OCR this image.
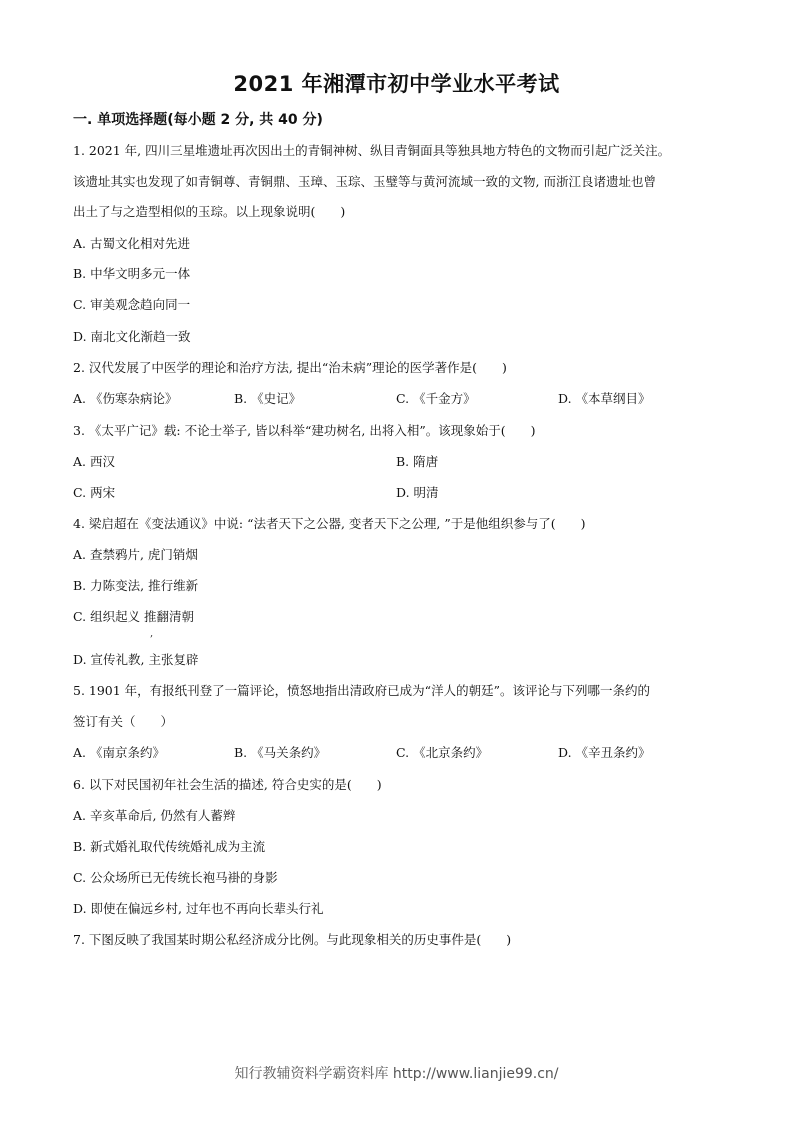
2021 年湘潭市初中学业水平考试
一. 单项选择题(每小题 2 分, 共 40 分)
1. 2021 年, 四川三星堆遗址再次因出土的青铜神树、纵目青铜面具等独具地方特色的文物而引起广泛关注。
该遗址其实也发现了如青铜尊、青铜鼎、玉璋、玉琮、玉璧等与黄河流域一致的文物, 而浙江良诸遗址也曾
出土了与之造型相似的玉琮。以上现象说明(　　)
A. 古蜀文化相对先进
B. 中华文明多元一体
C. 审美观念趋向同一
D. 南北文化渐趋一致
2. 汉代发展了中医学的理论和治疗方法, 提出“治未病”理论的医学著作是(　　)
A. 《伤寒杂病论》	B. 《史记》	C. 《千金方》	D. 《本草纲目》
3. 《太平广记》载: 不论士举子, 皆以科举“建功树名, 出将入相”。该现象始于(　　)
A. 西汉	B. 隋唐
C. 两宋	D. 明清
4. 梁启超在《变法通议》中说: “法者天下之公器, 变者天下之公理, ”于是他组织参与了(　　)
A. 查禁鸦片, 虎门销烟
B. 力陈变法, 推行维新
C. 组织起义 推翻清朝
,
D. 宣传礼教, 主张复辟
5. 1901 年，有报纸刊登了一篇评论，愤怒地指出清政府已成为“洋人的朝廷”。该评论与下列哪一条约的
签订有关（　　）
A. 《南京条约》	B. 《马关条约》	C. 《北京条约》	D. 《辛丑条约》
6. 以下对民国初年社会生活的描述, 符合史实的是(　　)
A. 辛亥革命后, 仍然有人蓄辫
B. 新式婚礼取代传统婚礼成为主流
C. 公众场所已无传统长袍马褂的身影
D. 即使在偏远乡村, 过年也不再向长辈头行礼
7. 下图反映了我国某时期公私经济成分比例。与此现象相关的历史事件是(　　)
知行教辅资料学霸资料库 http://www.lianjie99.cn/
